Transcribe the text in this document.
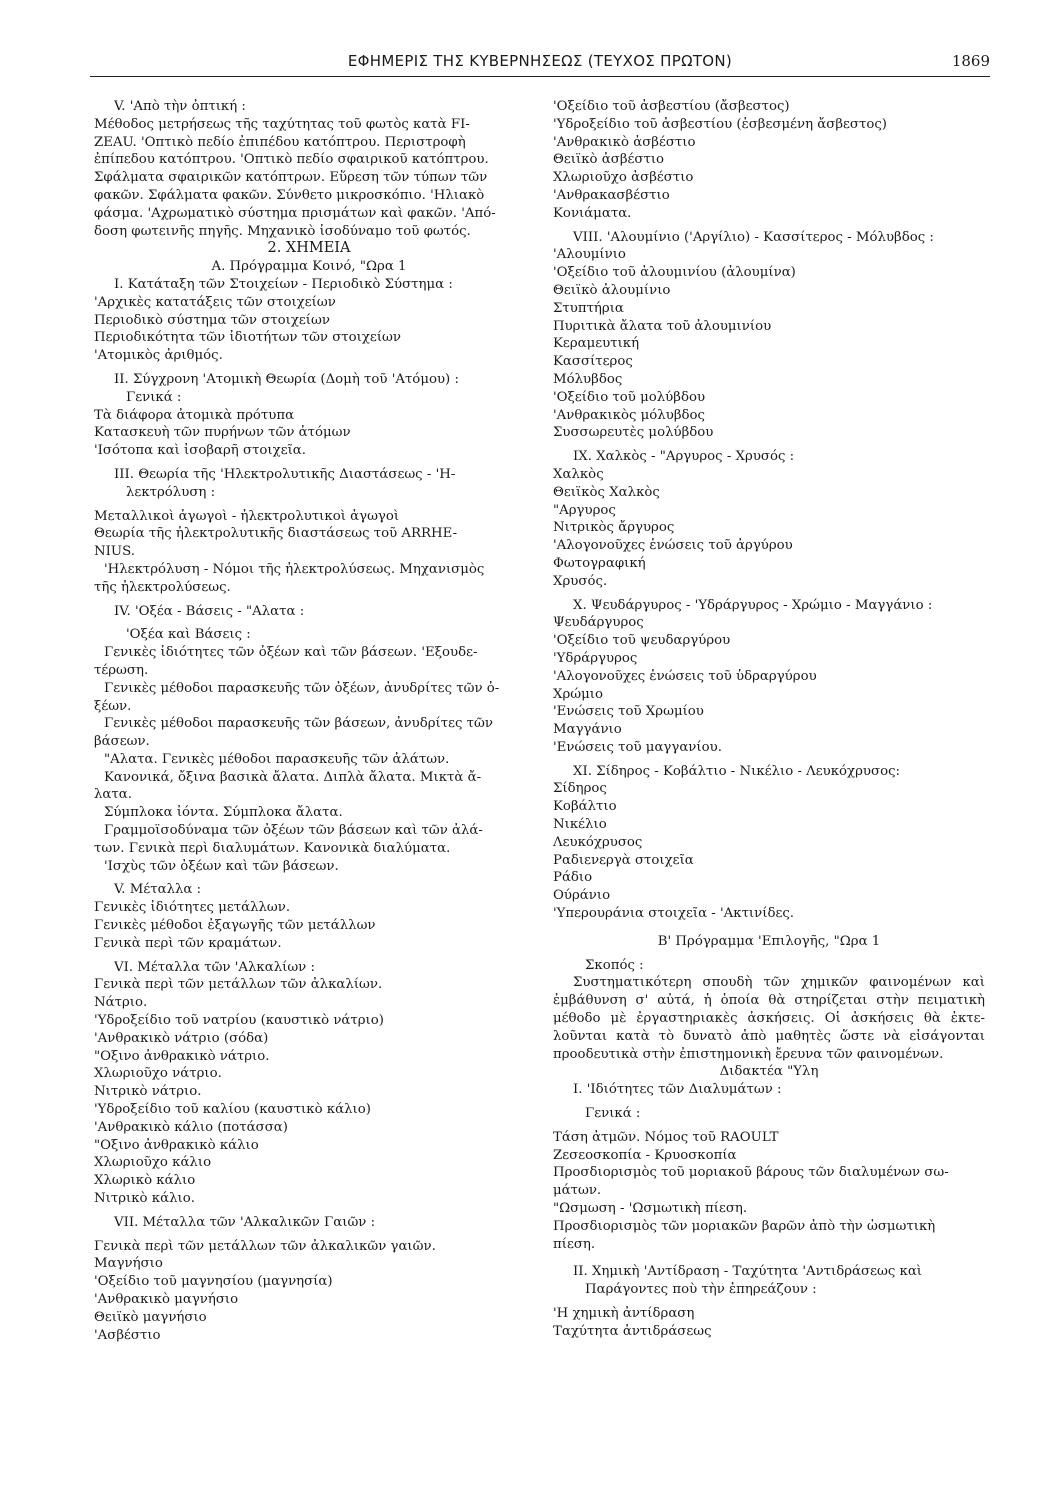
ΕΦΗΜΕΡΙΣ ΤΗΣ ΚΥΒΕΡΝΗΣΕΩΣ (ΤΕΥΧΟΣ ΠΡΩΤΟΝ)	1869

V. 'Απὸ τὴν ὀπτική :

Μέθοδος μετρήσεως τῆς ταχύτητας τοῦ φωτὸς κατὰ FI-

ZEAU. 'Οπτικὸ πεδίο ἐπιπέδου κατόπτρου. Περιστροφὴ

ἐπίπεδου κατόπτρου. 'Οπτικὸ πεδίο σφαιρικοῦ κατόπτρου.

Σφάλματα σφαιρικῶν κατόπτρων. Εὕρεση τῶν τύπων τῶν

φακῶν. Σφάλματα φακῶν. Σύνθετο μικροσκόπιο. 'Ηλιακὸ

φάσμα. 'Αχρωματικὸ σύστημα πρισμάτων καὶ φακῶν. 'Από-

δοση φωτεινῆς πηγῆς. Μηχανικὸ ἰσοδύναμο τοῦ φωτός.

2. ΧΗΜΕΙΑ

Α. Πρόγραμμα Κοινό, "Ωρα 1

Ι. Κατάταξη τῶν Στοιχείων - Περιοδικὸ Σύστημα :

'Αρχικὲς κατατάξεις τῶν στοιχείων

Περιοδικὸ σύστημα τῶν στοιχείων

Περιοδικότητα τῶν ἰδιοτήτων τῶν στοιχείων

'Ατομικὸς ἀριθμός.

ΙΙ. Σύγχρονη 'Ατομικὴ Θεωρία (Δομὴ τοῦ 'Ατόμου) :

Γενικά :

Τὰ διάφορα ἀτομικὰ πρότυπα

Κατασκευὴ τῶν πυρήνων τῶν ἀτόμων

'Ισότοπα καὶ ἰσοβαρῆ στοιχεῖα.

ΙΙΙ. Θεωρία τῆς 'Ηλεκτρολυτικῆς Διαστάσεως - 'Η-

λεκτρόλυση :

Μεταλλικοὶ ἀγωγοὶ - ἠλεκτρολυτικοὶ ἀγωγοὶ

Θεωρία τῆς ἠλεκτρολυτικῆς διαστάσεως τοῦ ARRHE-

NIUS.

'Ηλεκτρόλυση - Νόμοι τῆς ἠλεκτρολύσεως. Μηχανισμὸς

τῆς ἠλεκτρολύσεως.

ΙV. 'Οξέα - Βάσεις - "Αλατα :

'Οξέα καὶ Βάσεις :

Γενικὲς ἰδιότητες τῶν ὀξέων καὶ τῶν βάσεων. 'Εξουδε-

τέρωση.

Γενικὲς μέθοδοι παρασκευῆς τῶν ὀξέων, ἀνυδρίτες τῶν ὀ-

ξέων.

Γενικὲς μέθοδοι παρασκευῆς τῶν βάσεων, ἀνυδρίτες τῶν

βάσεων.

"Αλατα. Γενικὲς μέθοδοι παρασκευῆς τῶν ἀλάτων.

Κανονικά, ὄξινα βασικὰ ἄλατα. Διπλὰ ἄλατα. Μικτὰ ἄ-

λατα.

Σύμπλοκα ἰόντα. Σύμπλοκα ἄλατα.

Γραμμοϊσοδύναμα τῶν ὀξέων τῶν βάσεων καὶ τῶν ἀλά-

των. Γενικὰ περὶ διαλυμάτων. Κανονικὰ διαλύματα.

'Ισχὺς τῶν ὀξέων καὶ τῶν βάσεων.

V. Μέταλλα :

Γενικὲς ἰδιότητες μετάλλων.

Γενικὲς μέθοδοι ἐξαγωγῆς τῶν μετάλλων

Γενικὰ περὶ τῶν κραμάτων.

VI. Μέταλλα τῶν 'Αλκαλίων :

Γενικὰ περὶ τῶν μετάλλων τῶν ἀλκαλίων.

Νάτριο.

'Υδροξείδιο τοῦ νατρίου (καυστικὸ νάτριο)

'Ανθρακικὸ νάτριο (σόδα)

"Οξινο ἀνθρακικὸ νάτριο.

Χλωριοῦχο νάτριο.

Νιτρικὸ νάτριο.

'Υδροξείδιο τοῦ καλίου (καυστικὸ κάλιο)

'Ανθρακικὸ κάλιο (ποτάσσα)

"Οξινο ἀνθρακικὸ κάλιο

Χλωριοῦχο κάλιο

Χλωρικὸ κάλιο

Νιτρικὸ κάλιο.

VII. Μέταλλα τῶν 'Αλκαλικῶν Γαιῶν :

Γενικὰ περὶ τῶν μετάλλων τῶν ἀλκαλικῶν γαιῶν.

Μαγνήσιο

'Οξείδιο τοῦ μαγνησίου (μαγνησία)

'Ανθρακικὸ μαγνήσιο

Θειϊκὸ μαγνήσιο

'Ασβέστιο

'Οξείδιο τοῦ ἀσβεστίου (ἄσβεστος)

'Υδροξείδιο τοῦ ἀσβεστίου (ἐσβεσμένη ἄσβεστος)

'Ανθρακικὸ ἀσβέστιο

Θειϊκὸ ἀσβέστιο

Χλωριοῦχο ἀσβέστιο

'Ανθρακασβέστιο

Κονιάματα.

VIII. 'Αλουμίνιο ('Αργίλιο) - Κασσίτερος - Μόλυβδος :

'Αλουμίνιο

'Οξείδιο τοῦ ἀλουμινίου (ἀλουμίνα)

Θειϊκὸ ἀλουμίνιο

Στυπτήρια

Πυριτικὰ ἄλατα τοῦ ἀλουμινίου

Κεραμευτική

Κασσίτερος

Μόλυβδος

'Οξείδιο τοῦ μολύβδου

'Ανθρακικὸς μόλυβδος

Συσσωρευτὲς μολύβδου

ΙΧ. Χαλκὸς - "Αργυρος - Χρυσός :

Χαλκὸς

Θειϊκὸς Χαλκὸς

"Αργυρος

Νιτρικὸς ἄργυρος

'Αλογονοῦχες ἑνώσεις τοῦ ἀργύρου

Φωτογραφική

Χρυσός.

Χ. Ψευδάργυρος - 'Υδράργυρος - Χρώμιο - Μαγγάνιο :

Ψευδάργυρος

'Οξείδιο τοῦ ψευδαργύρου

'Υδράργυρος

'Αλογονοῦχες ἑνώσεις τοῦ ὑδραργύρου

Χρώμιο

'Ενώσεις τοῦ Χρωμίου

Μαγγάνιο

'Ενώσεις τοῦ μαγγανίου.

ΧΙ. Σίδηρος - Κοβάλτιο - Νικέλιο - Λευκόχρυσος:

Σίδηρος

Κοβάλτιο

Νικέλιο

Λευκόχρυσος

Ραδιενεργὰ στοιχεῖα

Ράδιο

Ούράνιο

'Υπερουράνια στοιχεῖα - 'Ακτινίδες.

Β' Πρόγραμμα 'Επιλογῆς, "Ωρα 1

Σκοπός :

Συστηματικότερη σπουδὴ τῶν χημικῶν φαινομένων καὶ ἐμβάθυνση σ' αὐτά, ἡ ὁποία θὰ στηρίζεται στὴν πειματικὴ μέθοδο μὲ ἐργαστηριακὲς ἀσκήσεις. Οἱ ἀσκήσεις θὰ ἐκτε-λοῦνται κατὰ τὸ δυνατὸ ἀπὸ μαθητὲς ὥστε νὰ εἰσάγονται προοδευτικὰ στὴν ἐπιστημονικὴ ἔρευνα τῶν φαινομένων.

Διδακτέα "Υλη

Ι. 'Ιδιότητες τῶν Διαλυμάτων :

Γενικά :

Τάση ἀτμῶν. Νόμος τοῦ RAOULT

Ζεσεοσκοπία - Κρυοσκοπία

Προσδιορισμὸς τοῦ μοριακοῦ βάρους τῶν διαλυμένων σω-

μάτων.

"Ωσμωση - 'Ωσμωτικὴ πίεση.

Προσδιορισμὸς τῶν μοριακῶν βαρῶν ἀπὸ τὴν ὠσμωτικὴ

πίεση.

ΙΙ. Χημικὴ 'Αντίδραση - Ταχύτητα 'Αντιδράσεως καὶ

Παράγοντες ποὺ τὴν ἐπηρεάζουν :

'Η χημικὴ ἀντίδραση

Ταχύτητα ἀντιδράσεως
